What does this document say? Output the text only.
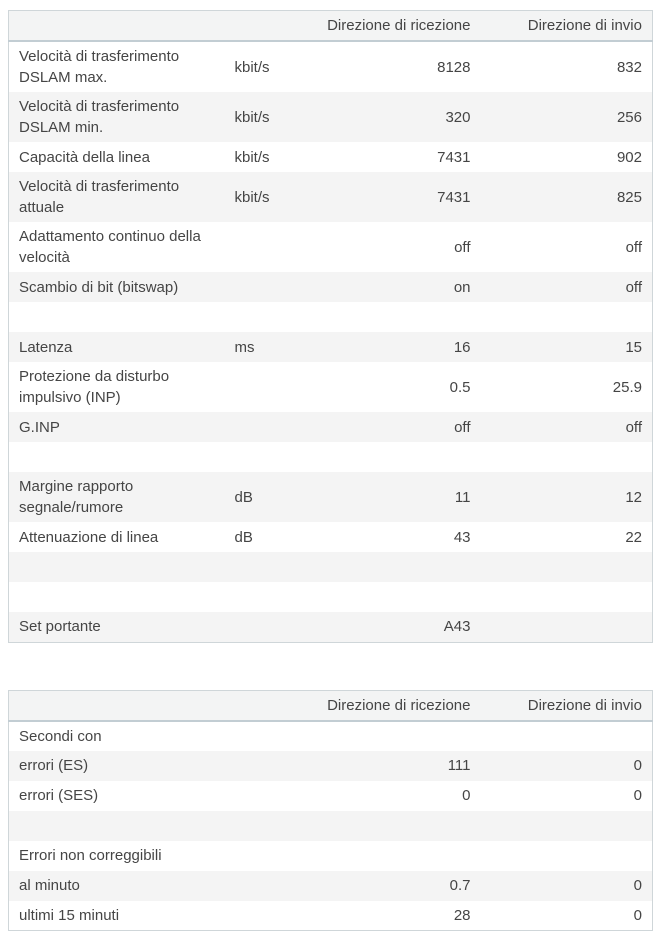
		Direzione di ricezione	Direzione di invio
Velocità di trasferimento DSLAM max.	kbit/s	8128	832
Velocità di trasferimento DSLAM min.	kbit/s	320	256
Capacità della linea	kbit/s	7431	902
Velocità di trasferimento attuale	kbit/s	7431	825
Adattamento continuo della velocità		off	off
Scambio di bit (bitswap)		on	off

Latenza	ms	16	15
Protezione da disturbo impulsivo (INP)		0.5	25.9
G.INP		off	off

Margine rapporto segnale/rumore	dB	11	12
Attenuazione di linea	dB	43	22

Set portante		A43	
		Direzione di ricezione	Direzione di invio
Secondi con			
errori (ES)		111	0
errori (SES)		0	0

Errori non correggibili			
al minuto		0.7	0
ultimi 15 minuti		28	0
